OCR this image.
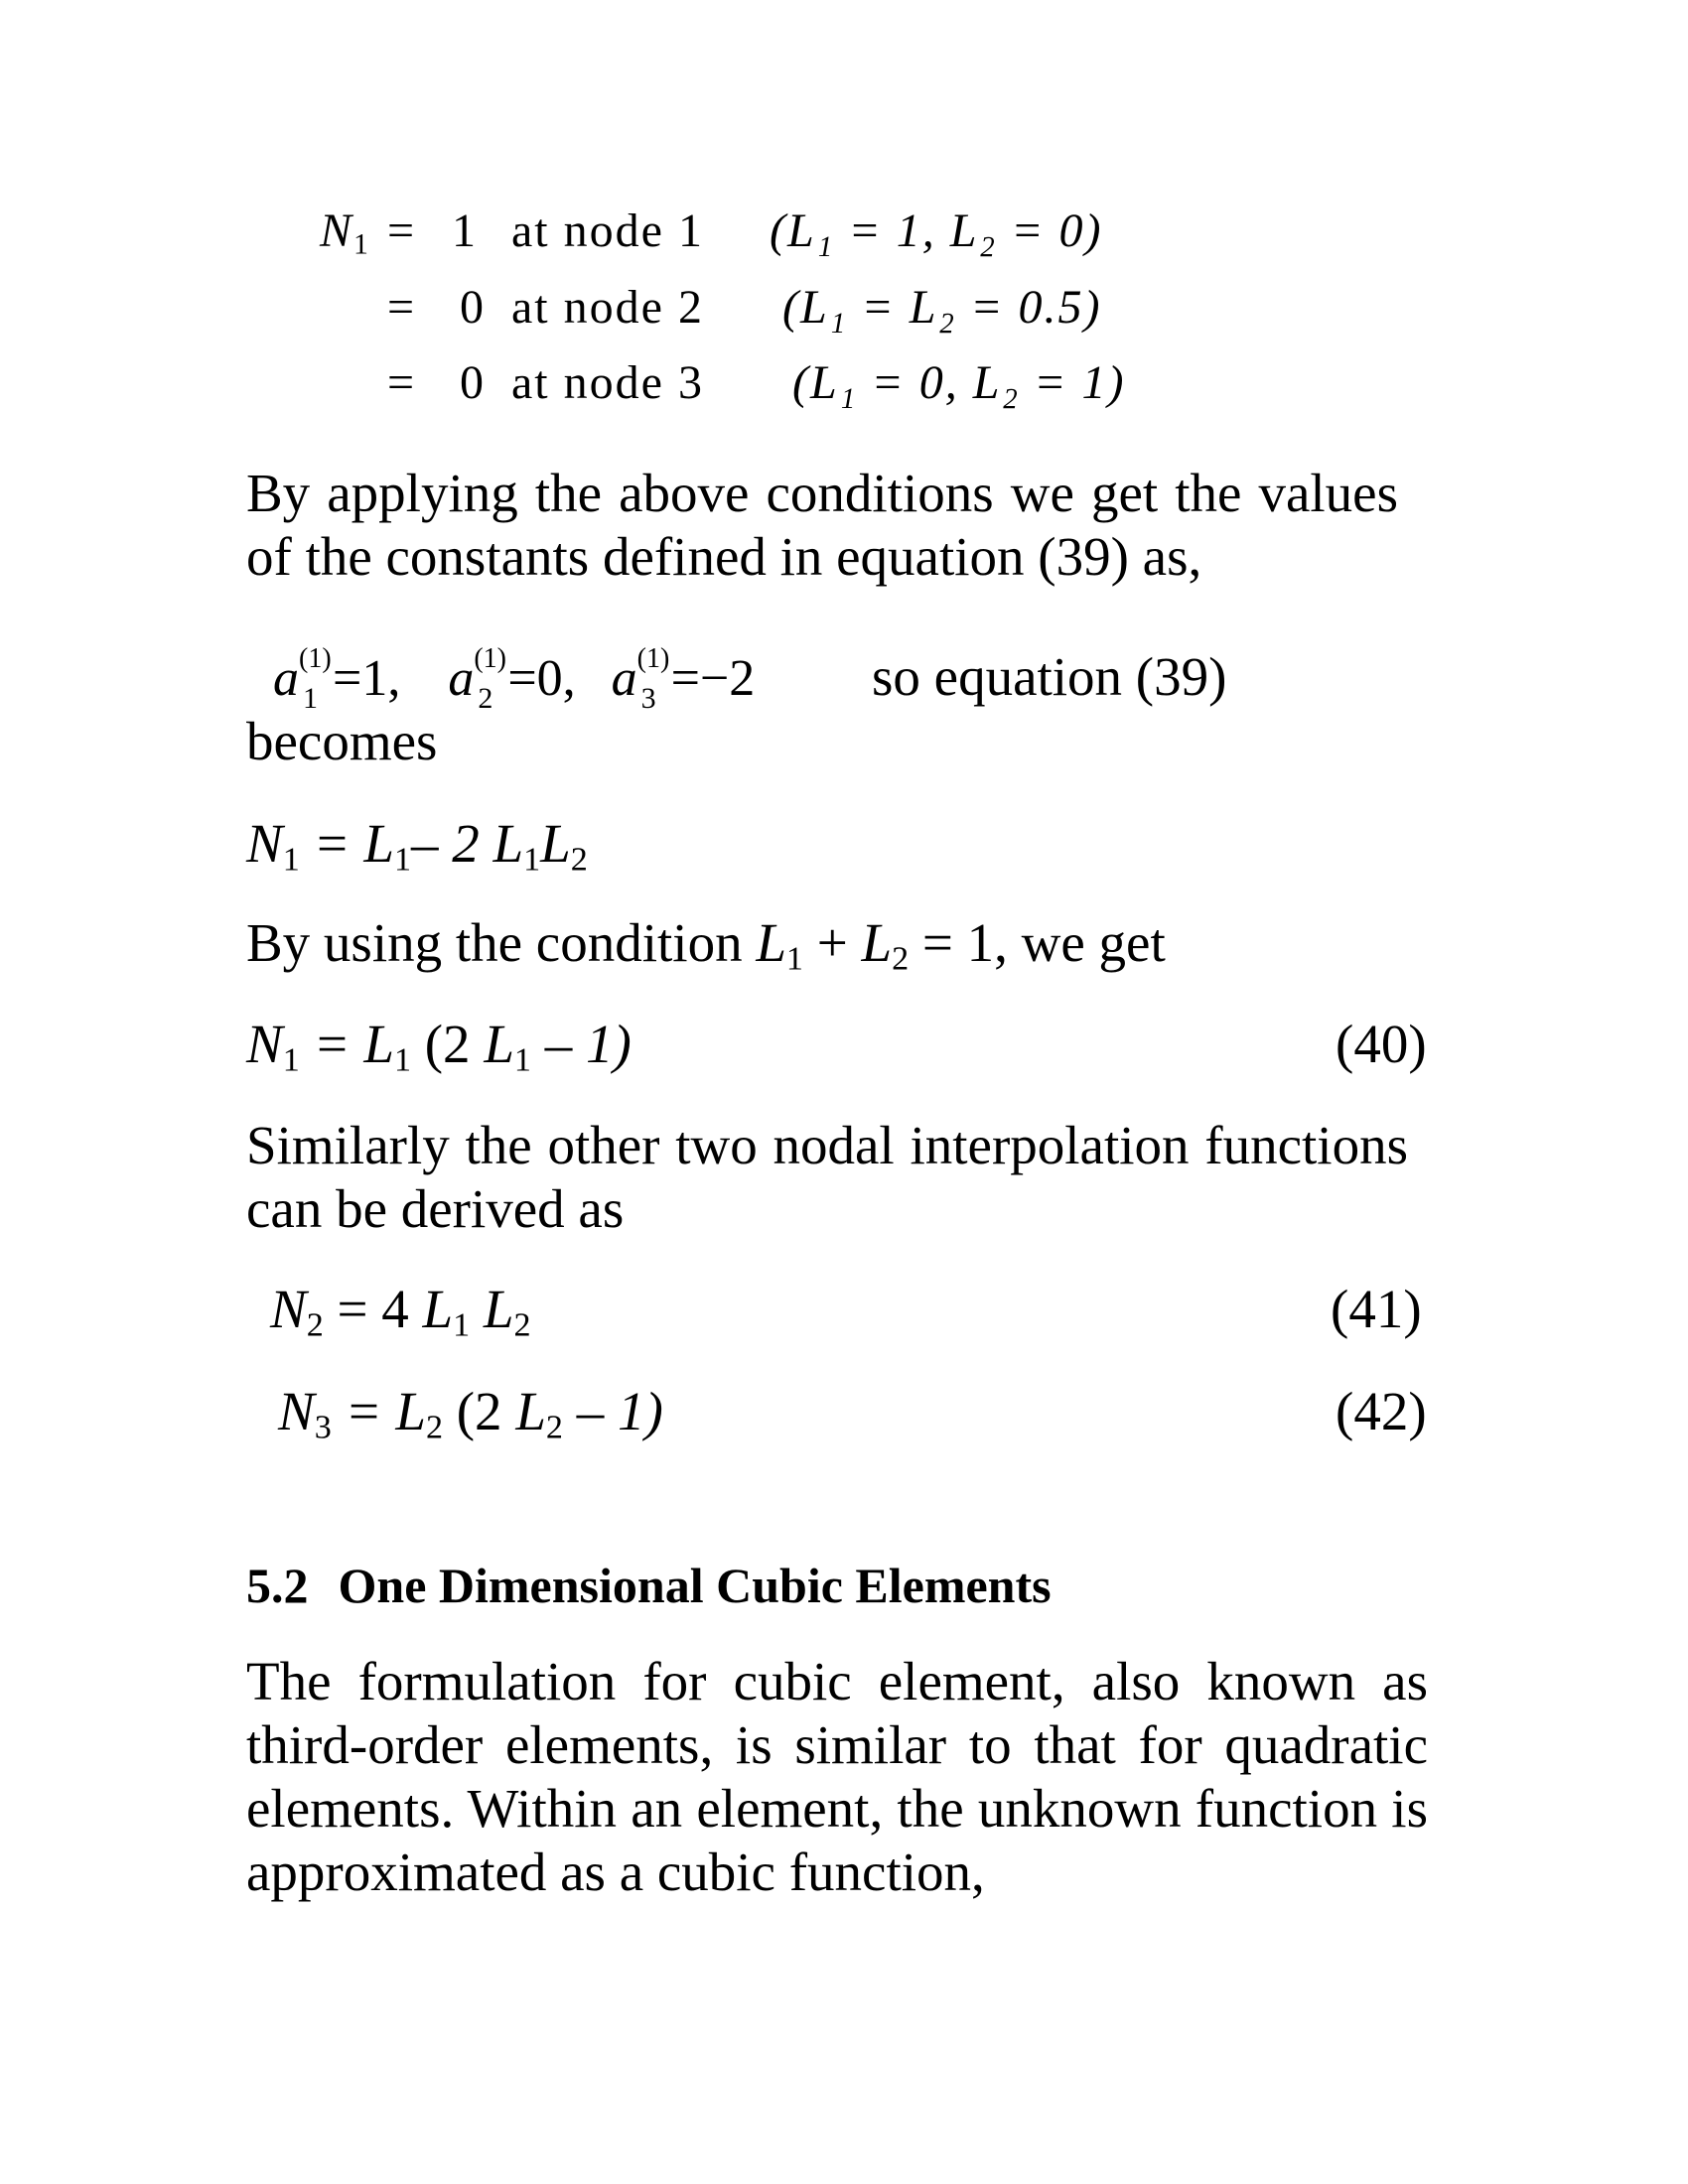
$N_1 = 1$ at node 1 (L₁ = 1, L₂ = 0)
= 0 at node 2 (L₁ = L₂ = 0.5)
= 0 at node 3 (L₁ = 0, L₂ = 1)
By applying the above conditions we get the values of the constants defined in equation (39) as,
a (1)
1 =1, a (1)
2 =0, a (1)
3 =−2 so equation (39)
becomes
$N_1 = L_1-$ 2 $L_1L_2$
By using the condition $L_1 + L_2 = 1$, we get
$N_1 = L_1$ (2 $L_1 - 1$)	(40)
Similarly the other two nodal interpolation functions can be derived as
$N_2 = 4$ $L_1$ $L_2$	(41)
$N_3 = L_2$ (2 $L_2 - 1$)	(42)
5.2 One Dimensional Cubic Elements
The formulation for cubic element, also known as third-order elements, is similar to that for quadratic elements. Within an element, the unknown function is approximated as a cubic function,
